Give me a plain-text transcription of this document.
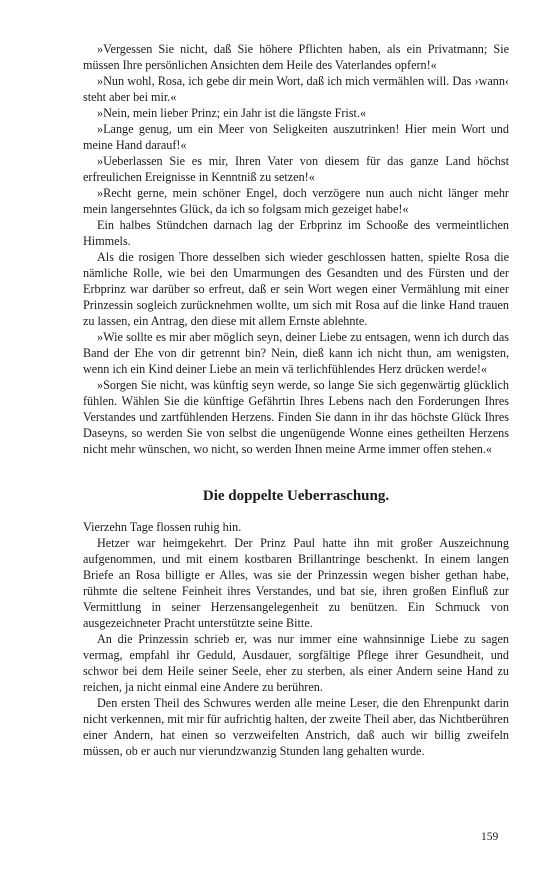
»Vergessen Sie nicht, daß Sie höhere Pflichten haben, als ein Privatmann; Sie müssen Ihre persönlichen Ansichten dem Heile des Vaterlandes opfern!«

»Nun wohl, Rosa, ich gebe dir mein Wort, daß ich mich vermählen will. Das ›wann‹ steht aber bei mir.«

»Nein, mein lieber Prinz; ein Jahr ist die längste Frist.«

»Lange genug, um ein Meer von Seligkeiten auszutrinken! Hier mein Wort und meine Hand darauf!«

»Ueberlassen Sie es mir, Ihren Vater von diesem für das ganze Land höchst erfreulichen Ereignisse in Kenntniß zu setzen!«

»Recht gerne, mein schöner Engel, doch verzögere nun auch nicht länger mehr mein langersehntes Glück, da ich so folgsam mich gezeiget habe!«

Ein halbes Stündchen darnach lag der Erbprinz im Schooße des vermeintlichen Himmels.

Als die rosigen Thore desselben sich wieder geschlossen hatten, spielte Rosa die nämliche Rolle, wie bei den Umarmungen des Gesandten und des Fürsten und der Erbprinz war darüber so erfreut, daß er sein Wort wegen einer Vermählung mit einer Prinzessin sogleich zurücknehmen wollte, um sich mit Rosa auf die linke Hand trauen zu lassen, ein Antrag, den diese mit allem Ernste ablehnte.

»Wie sollte es mir aber möglich seyn, deiner Liebe zu entsagen, wenn ich durch das Band der Ehe von dir getrennt bin? Nein, dieß kann ich nicht thun, am wenigsten, wenn ich ein Kind deiner Liebe an mein vä terlichfühlendes Herz drücken werde!«

»Sorgen Sie nicht, was künftig seyn werde, so lange Sie sich gegenwärtig glücklich fühlen. Wählen Sie die künftige Gefährtin Ihres Lebens nach den Forderungen Ihres Verstandes und zartfühlenden Herzens. Finden Sie dann in ihr das höchste Glück Ihres Daseyns, so werden Sie von selbst die ungenügende Wonne eines getheilten Herzens nicht mehr wünschen, wo nicht, so werden Ihnen meine Arme immer offen stehen.«

Die doppelte Ueberraschung.

Vierzehn Tage flossen ruhig hin.

Hetzer war heimgekehrt. Der Prinz Paul hatte ihn mit großer Auszeichnung aufgenommen, und mit einem kostbaren Brillantringe beschenkt. In einem langen Briefe an Rosa billigte er Alles, was sie der Prinzessin wegen bisher gethan habe, rühmte die seltene Feinheit ihres Verstandes, und bat sie, ihren großen Einfluß zur Vermittlung in seiner Herzensangelegenheit zu benützen. Ein Schmuck von ausgezeichneter Pracht unterstützte seine Bitte.

An die Prinzessin schrieb er, was nur immer eine wahnsinnige Liebe zu sagen vermag, empfahl ihr Geduld, Ausdauer, sorgfältige Pflege ihrer Gesundheit, und schwor bei dem Heile seiner Seele, eher zu sterben, als einer Andern seine Hand zu reichen, ja nicht einmal eine Andere zu berühren.

Den ersten Theil des Schwures werden alle meine Leser, die den Ehrenpunkt darin nicht verkennen, mit mir für aufrichtig halten, der zweite Theil aber, das Nichtberühren einer Andern, hat einen so verzweifelten Anstrich, daß auch wir billig zweifeln müssen, ob er auch nur vierundzwanzig Stunden lang gehalten wurde.

159
